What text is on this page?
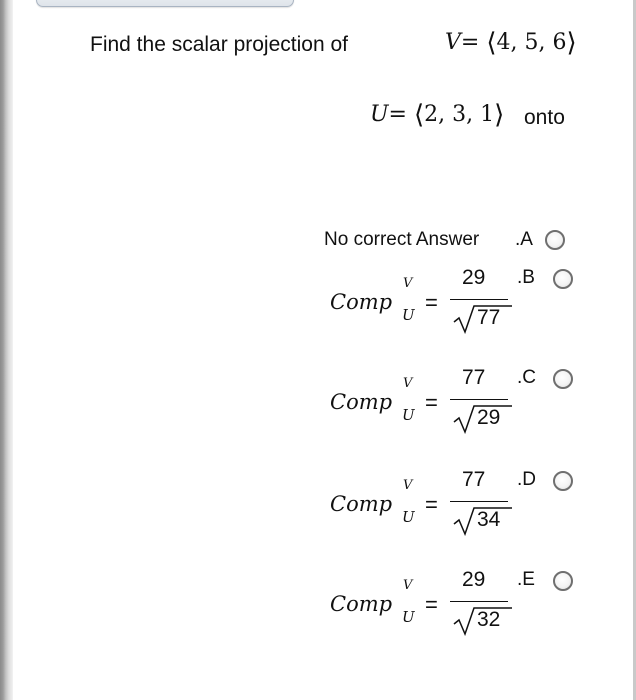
Find the scalar projection of	V= ⟨4, 5, 6⟩
U= ⟨2, 3, 1⟩ onto
No correct Answer .A
Comp
V
U =
29
77
.B
Comp
V
U =
77
29
.C
Comp
V
U =
77
34
.D
Comp
V
U =
29
32
.E
